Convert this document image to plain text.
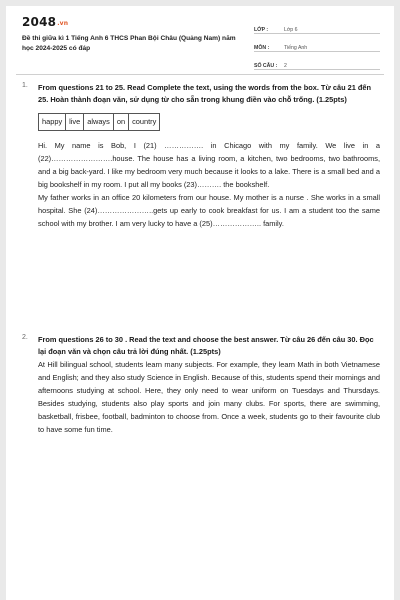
2048.vn
Đề thi giữa kì 1 Tiếng Anh 6 THCS Phan Bội Châu (Quảng Nam) năm học 2024-2025 có đáp
LỚP :	Lớp 6
MÔN :	Tiếng Anh
SỐ CÂU :	2
1. From questions 21 to 25. Read Complete the text, using the words from the box. Từ câu 21 đến 25. Hoàn thành đoạn văn, sử dụng từ cho sẵn trong khung điền vào chỗ trống. (1.25pts)

happy live always on country

Hi. My name is Bob, I (21) ……………. in Chicago with my family. We live in a (22)…………………….house. The house has a living room, a kitchen, two bedrooms, two bathrooms, and a big back-yard. I like my bedroom very much because it looks to a lake. There is a small bed and a big bookshelf in my room. I put all my books (23)………. the bookshelf.

My father works in an office 20 kilometers from our house. My mother is a nurse . She works in a small hospital. She (24)…………………..gets up early to cook breakfast for us. I am a student too the same school with my brother. I am very lucky to have a (25)……………….. family.

2. From questions 26 to 30 . Read the text and choose the best answer. Từ câu 26 đến câu 30. Đọc lại đoạn văn và chọn câu trả lời đúng nhất. (1.25pts)

At Hill bilingual school, students learn many subjects. For example, they learn Math in both Vietnamese and English; and they also study Science in English. Because of this, students spend their mornings and afternoons studying at school. Here, they only need to wear uniform on Tuesdays and Thursdays. Besides studying, students also play sports and join many clubs. For sports, there are swimming, basketball, frisbee, football, badminton to choose from. Once a week, students go to their favourite club to have some fun time.
